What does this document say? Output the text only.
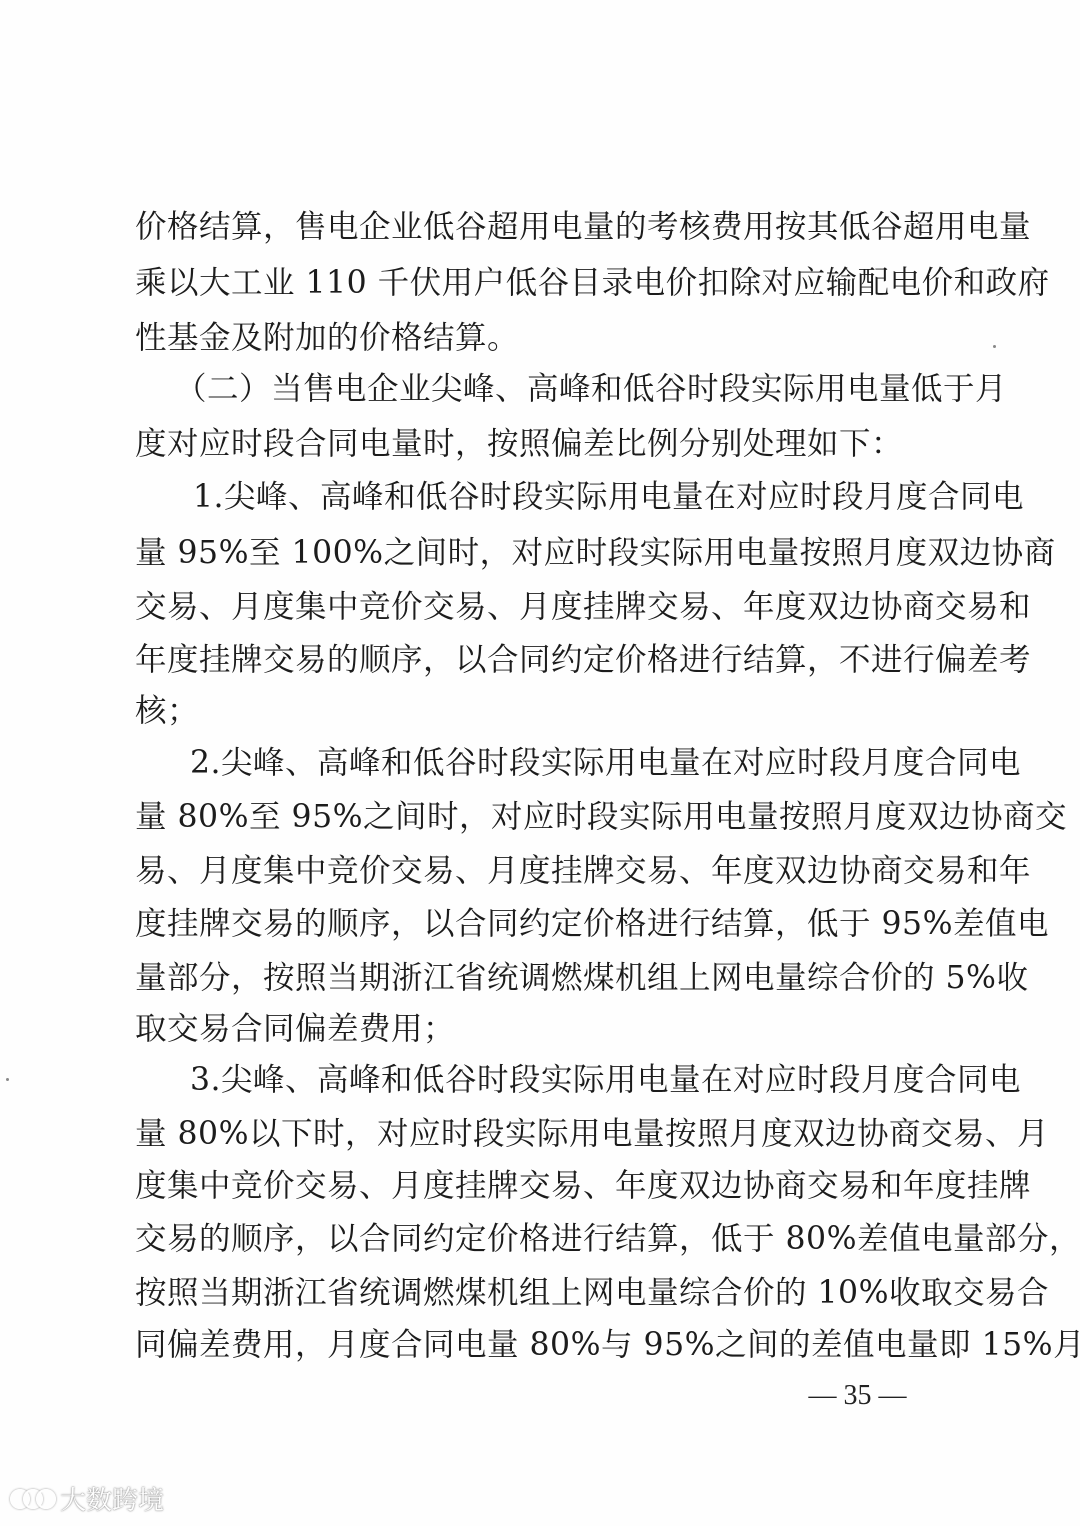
价格结算，售电企业低谷超用电量的考核费用按其低谷超用电量
乘以大工业 110 千伏用户低谷目录电价扣除对应输配电价和政府
性基金及附加的价格结算。
（二）当售电企业尖峰、高峰和低谷时段实际用电量低于月
度对应时段合同电量时，按照偏差比例分别处理如下：
1.尖峰、高峰和低谷时段实际用电量在对应时段月度合同电
量 95%至 100%之间时，对应时段实际用电量按照月度双边协商
交易、月度集中竞价交易、月度挂牌交易、年度双边协商交易和
年度挂牌交易的顺序，以合同约定价格进行结算，不进行偏差考
核；
2.尖峰、高峰和低谷时段实际用电量在对应时段月度合同电
量 80%至 95%之间时，对应时段实际用电量按照月度双边协商交
易、月度集中竞价交易、月度挂牌交易、年度双边协商交易和年
度挂牌交易的顺序，以合同约定价格进行结算，低于 95%差值电
量部分，按照当期浙江省统调燃煤机组上网电量综合价的 5%收
取交易合同偏差费用；
3.尖峰、高峰和低谷时段实际用电量在对应时段月度合同电
量 80%以下时，对应时段实际用电量按照月度双边协商交易、月
度集中竞价交易、月度挂牌交易、年度双边协商交易和年度挂牌
交易的顺序，以合同约定价格进行结算，低于 80%差值电量部分，
按照当期浙江省统调燃煤机组上网电量综合价的 10%收取交易合
同偏差费用，月度合同电量 80%与 95%之间的差值电量即 15%月
— 35 —
大数跨境
